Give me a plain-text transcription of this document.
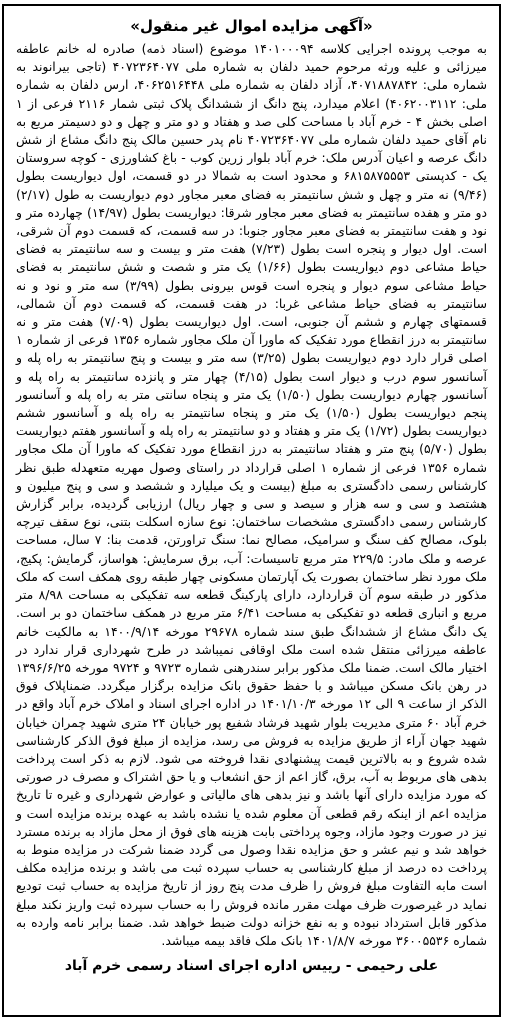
«آگهی مزایده اموال غیر منقول»

به موجب پرونده اجرایی کلاسه ۱۴۰۱۰۰۰۹۴ موضوع (اسناد ذمه) صادره له خانم عاطفه میرزائی و علیه ورثه مرحوم حمید دلفان به شماره ملی ۴۰۷۲۳۶۴۰۷۷ (تاجی بیرانوند به شماره ملی: ۴۰۷۱۸۸۷۸۴۲، آزاد دلفان به شماره ملی ۴۰۶۲۵۱۶۴۴۸، ارس دلفان به شماره ملی: ۴۰۶۲۰۰۳۱۱۲) اعلام میدارد، پنج دانگ از ششدانگ پلاک ثبتی شمار ۲۱۱۶ فرعی از ۱ اصلی بخش ۴ - خرم آباد با مساحت کلی صد و هفتاد و دو متر و چهل و دو دسیمتر مربع به نام آقای حمید دلفان شماره ملی ۴۰۷۲۳۶۴۰۷۷ نام پدر حسین مالک پنج دانگ مشاع از شش دانگ عرصه و اعیان آدرس ملک: خرم آباد بلوار زرین کوب - باغ کشاورزی - کوچه سروستان یک - کدپستی ۶۸۱۵۸۷۵۵۵۳ و محدود است به شمالا در دو قسمت، اول دیواریست بطول (۹/۴۶) نه متر و چهل و شش سانتیمتر به فضای معبر مجاور دوم دیواریست به طول (۲/۱۷) دو متر و هفده سانتیمتر به فضای معبر مجاور شرقا: دیواریست بطول (۱۴/۹۷) چهارده متر و نود و هفت سانتیمتر به فضای معبر مجاور جنوبا: در سه قسمت، که قسمت دوم آن شرقی، است. اول دیوار و پنجره است بطول (۷/۲۳) هفت متر و بیست و سه سانتیمتر به فضای حیاط مشاعی دوم دیواریست بطول (۱/۶۶) یک متر و شصت و شش سانتیمتر به فضای حیاط مشاعی سوم دیوار و پنجره است قوس بیرونی بطول (۳/۹۹) سه متر و نود و نه سانتیمتر به فضای حیاط مشاعی غربا: در هفت قسمت، که قسمت دوم آن شمالی، قسمتهای چهارم و ششم آن جنوبی، است. اول دیواریست بطول (۷/۰۹) هفت متر و نه سانتیمتر به درز انقطاع مورد تفکیک که ماورا آن ملک مجاور شماره ۱۳۵۶ فرعی از شماره ۱ اصلی قرار دارد دوم دیواریست بطول (۳/۲۵) سه متر و بیست و پنج سانتیمتر به راه پله و آسانسور سوم درب و دیوار است بطول (۴/۱۵) چهار متر و پانزده سانتیمتر به راه پله و آسانسور چهارم دیواریست بطول (۱/۵۰) یک متر و پنجاه سانتی متر به راه پله و آسانسور پنجم دیواریست بطول (۱/۵۰) یک متر و پنجاه سانتیمتر به راه پله و آسانسور ششم دیواریست بطول (۱/۷۲) یک متر و هفتاد و دو سانتیمتر به راه پله و آسانسور هفتم دیواریست بطول (۵/۷۰) پنج متر و هفتاد سانتیمتر به درز انقطاع مورد تفکیک که ماورا آن ملک مجاور شماره ۱۳۵۶ فرعی از شماره ۱ اصلی قرارداد در راستای وصول مهریه متعهدله طبق نظر کارشناس رسمی دادگستری به مبلغ (بیست و یک میلیارد و ششصد و سی و پنج میلیون و هشتصد و سی و سه هزار و سیصد و سی و چهار ریال) ارزیابی گردیده، برابر گزارش کارشناس رسمی دادگستری مشخصات ساختمان: نوع سازه اسکلت بتنی، نوع سقف تیرچه بلوک، مصالح کف سنگ و سرامیک، مصالح نما: سنگ تراورتن، قدمت بنا: ۷ سال، مساحت عرصه و ملک مادر: ۲۲۹/۵ متر مربع تاسیسات: آب، برق سرمایش: هواساز، گرمایش: پکیج، ملک مورد نظر ساختمان بصورت یک آپارتمان مسکونی چهار طبقه روی همکف است که ملک مذکور در طبقه سوم آن قراردارد، دارای پارکینگ قطعه سه تفکیکی به مساحت ۸/۹۸ متر مربع و انباری قطعه دو تفکیکی به مساحت ۶/۴۱ متر مربع در همکف ساختمان دو بر است. یک دانگ مشاع از ششدانگ طبق سند شماره ۲۹۶۷۸ مورخه ۱۴۰۰/۹/۱۴ به مالکیت خانم عاطفه میرزائی منتقل شده است ملک اوقافی نمیباشد در طرح شهرداری قرار ندارد در اختیار مالک است. ضمنا ملک مذکور برابر سندرهنی شماره ۹۷۲۳ و ۹۷۲۴ مورخه ۱۳۹۶/۶/۲۵ در رهن بانک مسکن میباشد و با حفظ حقوق بانک مزایده برگزار میگردد. ضمناپلاک فوق الذکر از ساعت ۹ الی ۱۲ مورخه ۱۴۰۱/۱۰/۳ در اداره اجرای اسناد و املاک خرم آباد واقع در خرم آباد ۶۰ متری مدیریت بلوار شهید فرشاد شفیع پور خیابان ۲۴ متری شهید چمران خیابان شهید جهان آراء از طریق مزایده به فروش می رسد، مزایده از مبلغ فوق الذکر کارشناسی شده شروع و به بالاترین قیمت پیشنهادی نقدا فروخته می شود. لازم به ذکر است پرداخت بدهی های مربوط به آب، برق، گاز اعم از حق انشعاب و یا حق اشتراک و مصرف در صورتی که مورد مزایده دارای آنها باشد و نیز بدهی های مالیاتی و عوارض شهرداری و غیره تا تاریخ مزایده اعم از اینکه رقم قطعی آن معلوم شده یا نشده باشد به عهده برنده مزایده است و نیز در صورت وجود مازاد، وجوه پرداختی بابت هزینه های فوق از محل مازاد به برنده مسترد خواهد شد و نیم عشر و حق مزایده نقدا وصول می گردد ضمنا شرکت در مزایده منوط به پرداخت ده درصد از مبلغ کارشناسی به حساب سپرده ثبت می باشد و برنده مزایده مکلف است مابه التفاوت مبلغ فروش را ظرف مدت پنج روز از تاریخ مزایده به حساب ثبت تودیع نماید در غیرصورت ظرف مهلت مقرر مانده فروش را به حساب سپرده ثبت واریز نکند مبلغ مذکور قابل استرداد نبوده و به نفع خزانه دولت ضبط خواهد شد. ضمنا برابر نامه وارده به شماره ۳۶۰۰۵۵۳۶ مورخه ۱۴۰۱/۸/۷ بانک ملک فاقد بیمه میباشد.

علی رحیمی - رییس اداره اجرای اسناد رسمی خرم آباد
